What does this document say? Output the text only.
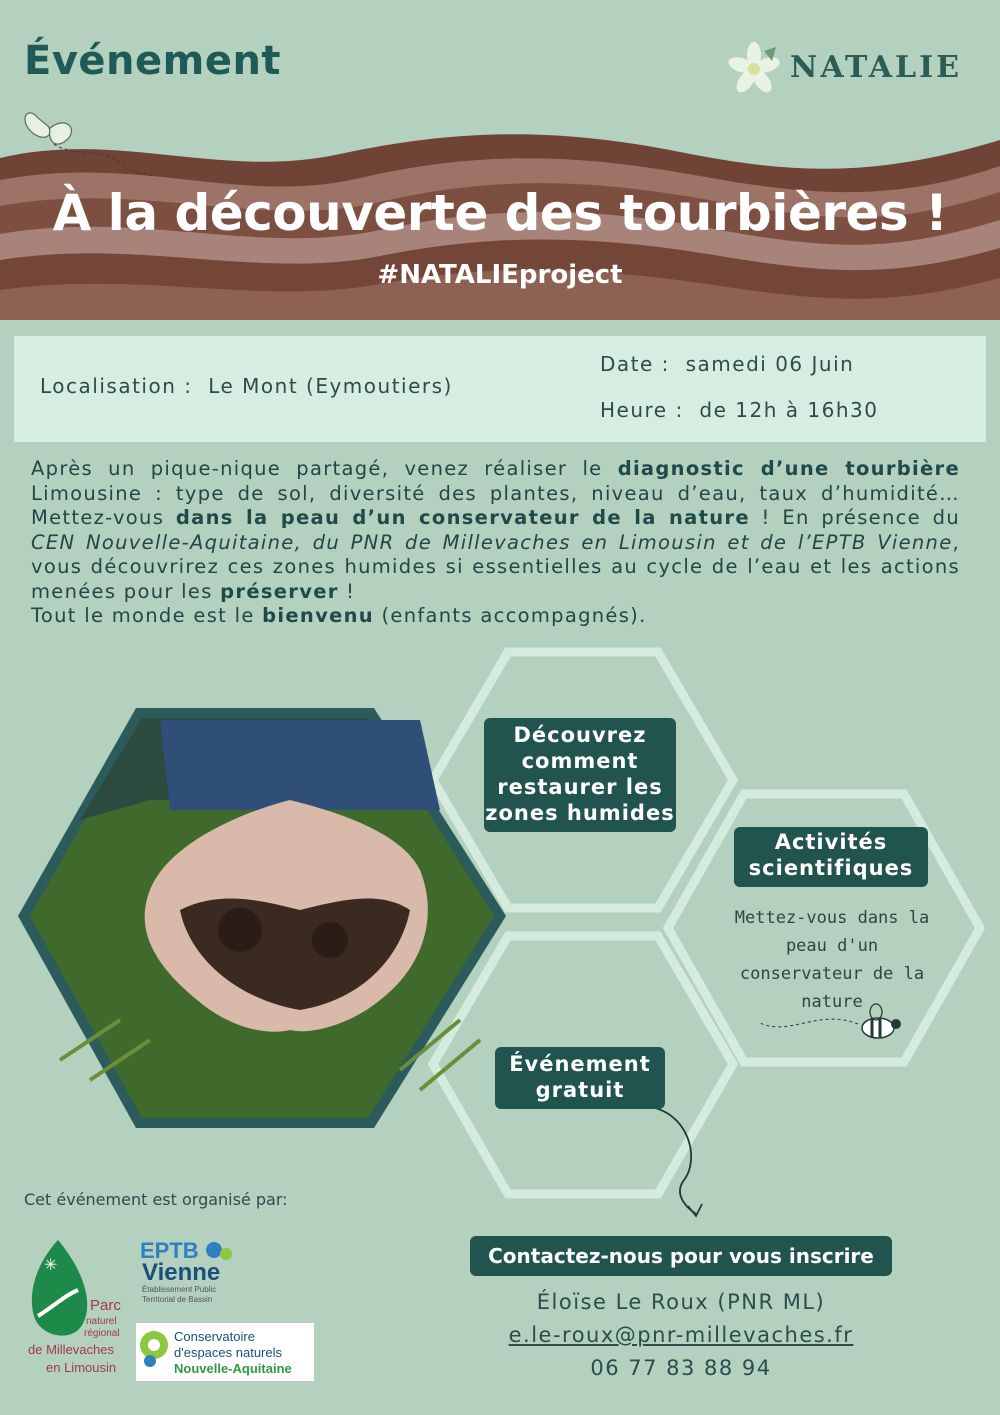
Événement	NATALIE
À la découverte des tourbières !
#NATALIEproject
Localisation : Le Mont (Eymoutiers)
Date : samedi 06 Juin
Heure : de 12h à 16h30
Après un pique-nique partagé, venez réaliser le diagnostic d’une tourbière Limousine : type de sol, diversité des plantes, niveau d’eau, taux d’humidité… Mettez-vous dans la peau d’un conservateur de la nature ! En présence du CEN Nouvelle-Aquitaine, du PNR de Millevaches en Limousin et de l’EPTB Vienne, vous découvrirez ces zones humides si essentielles au cycle de l’eau et les actions menées pour les préserver !
Tout le monde est le bienvenu (enfants accompagnés).
Découvrez comment restaurer les zones humides
Activités scientifiques
Mettez-vous dans la peau d'un conservateur de la nature
Événement gratuit
Cet événement est organisé par:
✳
Parc
naturel
régional
de Millevaches
en Limousin
EPTB
Vienne
Établissement Public
Territorial de Bassin
Conservatoire
d'espaces naturels
Nouvelle-Aquitaine
Contactez-nous pour vous inscrire
Éloïse Le Roux (PNR ML)
e.le-roux@pnr-millevaches.fr
06 77 83 88 94
